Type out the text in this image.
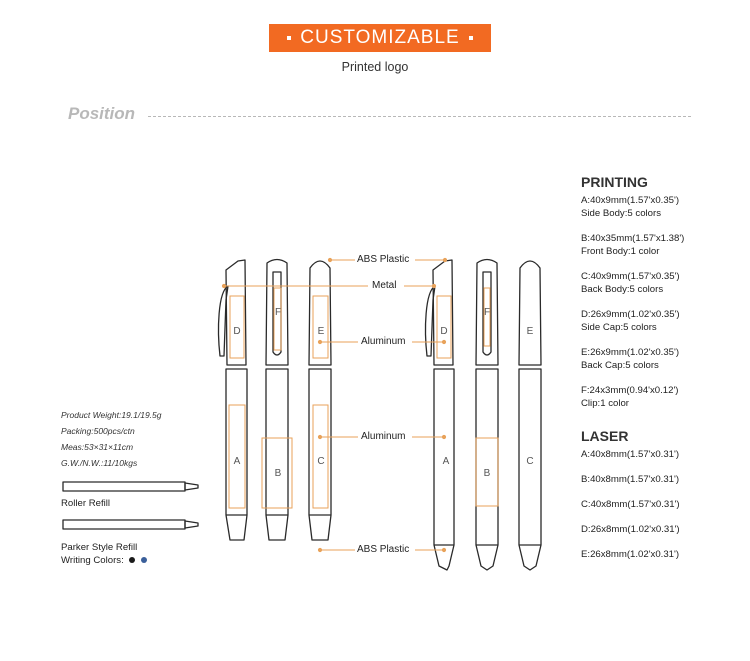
CUSTOMIZABLE
Printed logo
Position
D
F
E
A
B
C
D
F
E
A
B
C
ABS Plastic
Metal
Aluminum
Aluminum
ABS Plastic
PRINTING
A:40x9mm(1.57'x0.35')
Side Body:5 colors
B:40x35mm(1.57'x1.38')
Front Body:1 color
C:40x9mm(1.57'x0.35')
Back Body:5 colors
D:26x9mm(1.02'x0.35')
Side Cap:5 colors
E:26x9mm(1.02'x0.35')
Back Cap:5 colors
F:24x3mm(0.94'x0.12')
Clip:1 color
LASER
A:40x8mm(1.57'x0.31')
B:40x8mm(1.57'x0.31')
C:40x8mm(1.57'x0.31')
D:26x8mm(1.02'x0.31')
E:26x8mm(1.02'x0.31')
Product Weight:19.1/19.5g
Packing:500pcs/ctn
Meas:53×31×11cm
G.W./N.W.:11/10kgs
Roller Refill
Parker Style Refill
Writing Colors:
